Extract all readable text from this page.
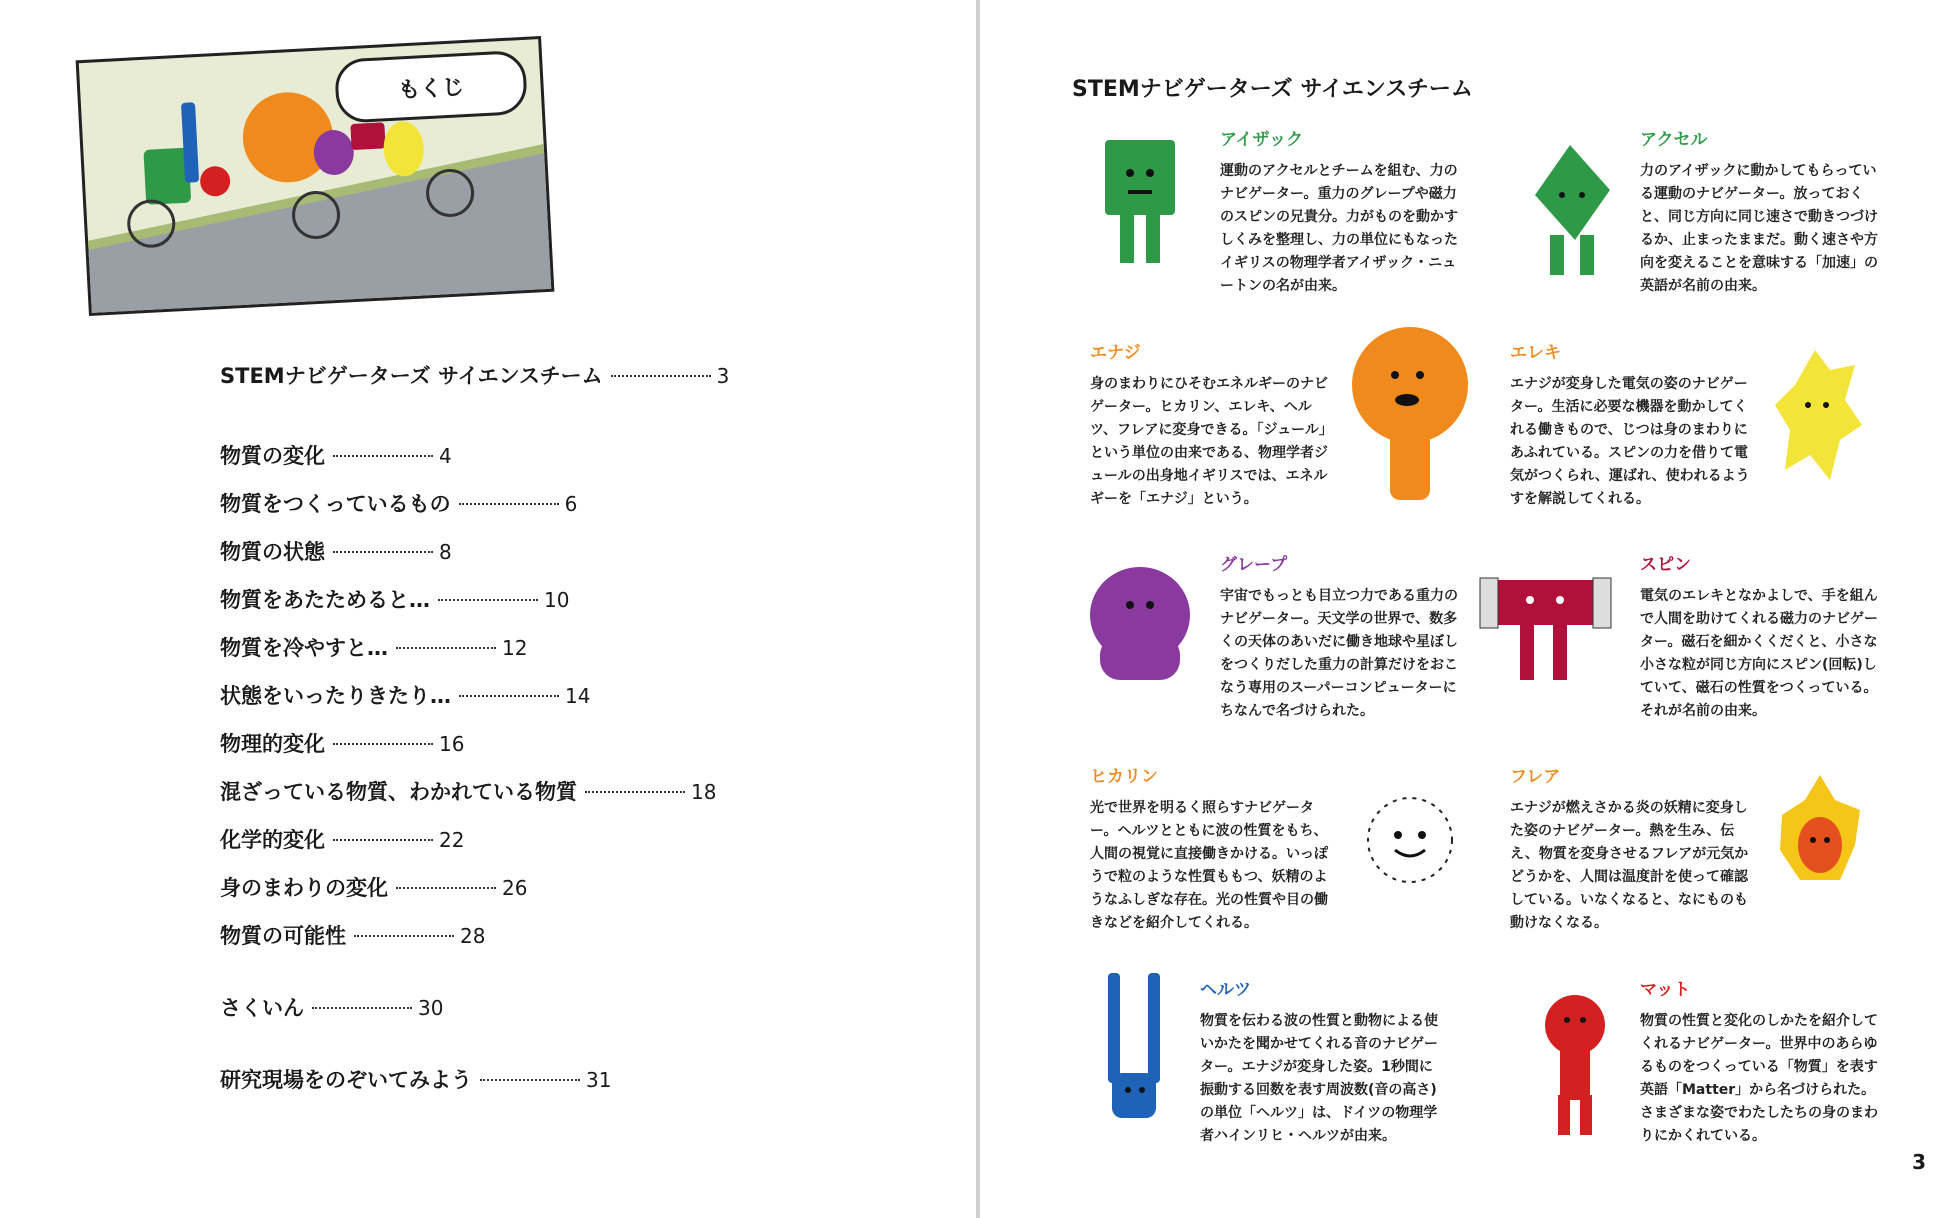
もくじ
STEMナビゲーターズ サイエンスチーム	3
物質の変化	4
物質をつくっているもの	6
物質の状態	8
物質をあたためると…	10
物質を冷やすと…	12
状態をいったりきたり…	14
物理的変化	16
混ざっている物質、わかれている物質	18
化学的変化	22
身のまわりの変化	26
物質の可能性	28
さくいん	30
研究現場をのぞいてみよう	31
STEMナビゲーターズ サイエンスチーム
アイザック
運動のアクセルとチームを組む、力のナビゲーター。重力のグレープや磁力のスピンの兄貴分。力がものを動かすしくみを整理し、力の単位にもなったイギリスの物理学者アイザック・ニュートンの名が由来。
アクセル
力のアイザックに動かしてもらっている運動のナビゲーター。放っておくと、同じ方向に同じ速さで動きつづけるか、止まったままだ。動く速さや方向を変えることを意味する「加速」の英語が名前の由来。
エナジ
身のまわりにひそむエネルギーのナビゲーター。ヒカリン、エレキ、ヘルツ、フレアに変身できる。「ジュール」という単位の由来である、物理学者ジュールの出身地イギリスでは、エネルギーを「エナジ」という。
エレキ
エナジが変身した電気の姿のナビゲーター。生活に必要な機器を動かしてくれる働きもので、じつは身のまわりにあふれている。スピンの力を借りて電気がつくられ、運ばれ、使われるようすを解説してくれる。
グレープ
宇宙でもっとも目立つ力である重力のナビゲーター。天文学の世界で、数多くの天体のあいだに働き地球や星ぼしをつくりだした重力の計算だけをおこなう専用のスーパーコンピューターにちなんで名づけられた。
スピン
電気のエレキとなかよしで、手を組んで人間を助けてくれる磁力のナビゲーター。磁石を細かくくだくと、小さな小さな粒が同じ方向にスピン(回転)していて、磁石の性質をつくっている。それが名前の由来。
ヒカリン
光で世界を明るく照らすナビゲーター。ヘルツとともに波の性質をもち、人間の視覚に直接働きかける。いっぽうで粒のような性質ももつ、妖精のようなふしぎな存在。光の性質や目の働きなどを紹介してくれる。
フレア
エナジが燃えさかる炎の妖精に変身した姿のナビゲーター。熱を生み、伝え、物質を変身させるフレアが元気かどうかを、人間は温度計を使って確認している。いなくなると、なにものも動けなくなる。
ヘルツ
物質を伝わる波の性質と動物による使いかたを聞かせてくれる音のナビゲーター。エナジが変身した姿。1秒間に振動する回数を表す周波数(音の高さ)の単位「ヘルツ」は、ドイツの物理学者ハインリヒ・ヘルツが由来。
マット
物質の性質と変化のしかたを紹介してくれるナビゲーター。世界中のあらゆるものをつくっている「物質」を表す英語「Matter」から名づけられた。さまざまな姿でわたしたちの身のまわりにかくれている。
3
